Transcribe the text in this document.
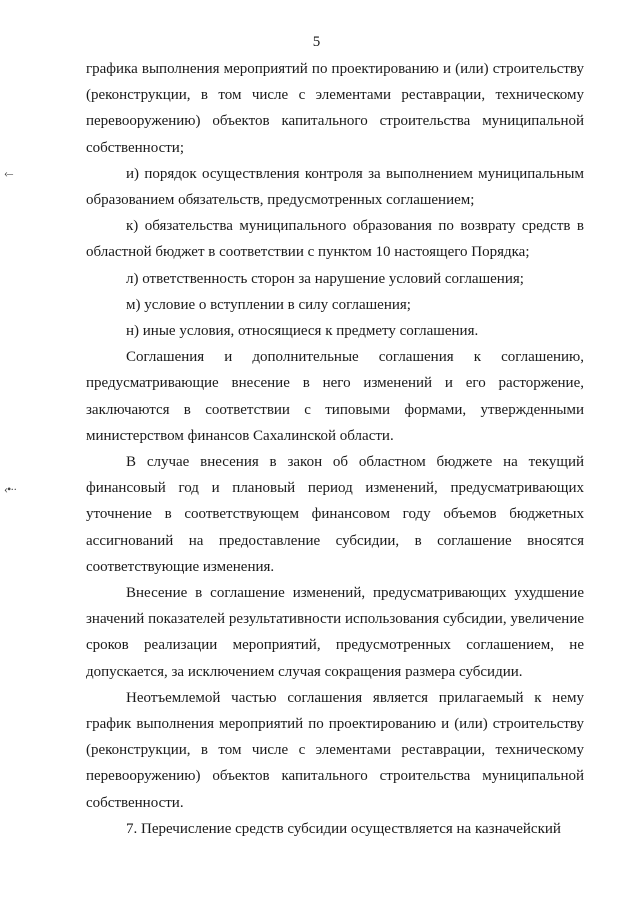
5
‹–
‹•··

графика выполнения мероприятий по проектированию и (или) строительству (реконструкции, в том числе с элементами реставрации, техническому перевооружению) объектов капитального строительства муниципальной собственности;

и) порядок осуществления контроля за выполнением муниципальным образованием обязательств, предусмотренных соглашением;

к) обязательства муниципального образования по возврату средств в областной бюджет в соответствии с пунктом 10 настоящего Порядка;

л) ответственность сторон за нарушение условий соглашения;

м) условие о вступлении в силу соглашения;

н) иные условия, относящиеся к предмету соглашения.

Соглашения и дополнительные соглашения к соглашению, предусматривающие внесение в него изменений и его расторжение, заключаются в соответствии с типовыми формами, утвержденными министерством финансов Сахалинской области.

В случае внесения в закон об областном бюджете на текущий финансовый год и плановый период изменений, предусматривающих уточнение в соответствующем финансовом году объемов бюджетных ассигнований на предоставление субсидии, в соглашение вносятся соответствующие изменения.

Внесение в соглашение изменений, предусматривающих ухудшение значений показателей результативности использования субсидии, увеличение сроков реализации мероприятий, предусмотренных соглашением, не допускается, за исключением случая сокращения размера субсидии.

Неотъемлемой частью соглашения является прилагаемый к нему график выполнения мероприятий по проектированию и (или) строительству (реконструкции, в том числе с элементами реставрации, техническому перевооружению) объектов капитального строительства муниципальной собственности.

7. Перечисление средств субсидии осуществляется на казначейский
